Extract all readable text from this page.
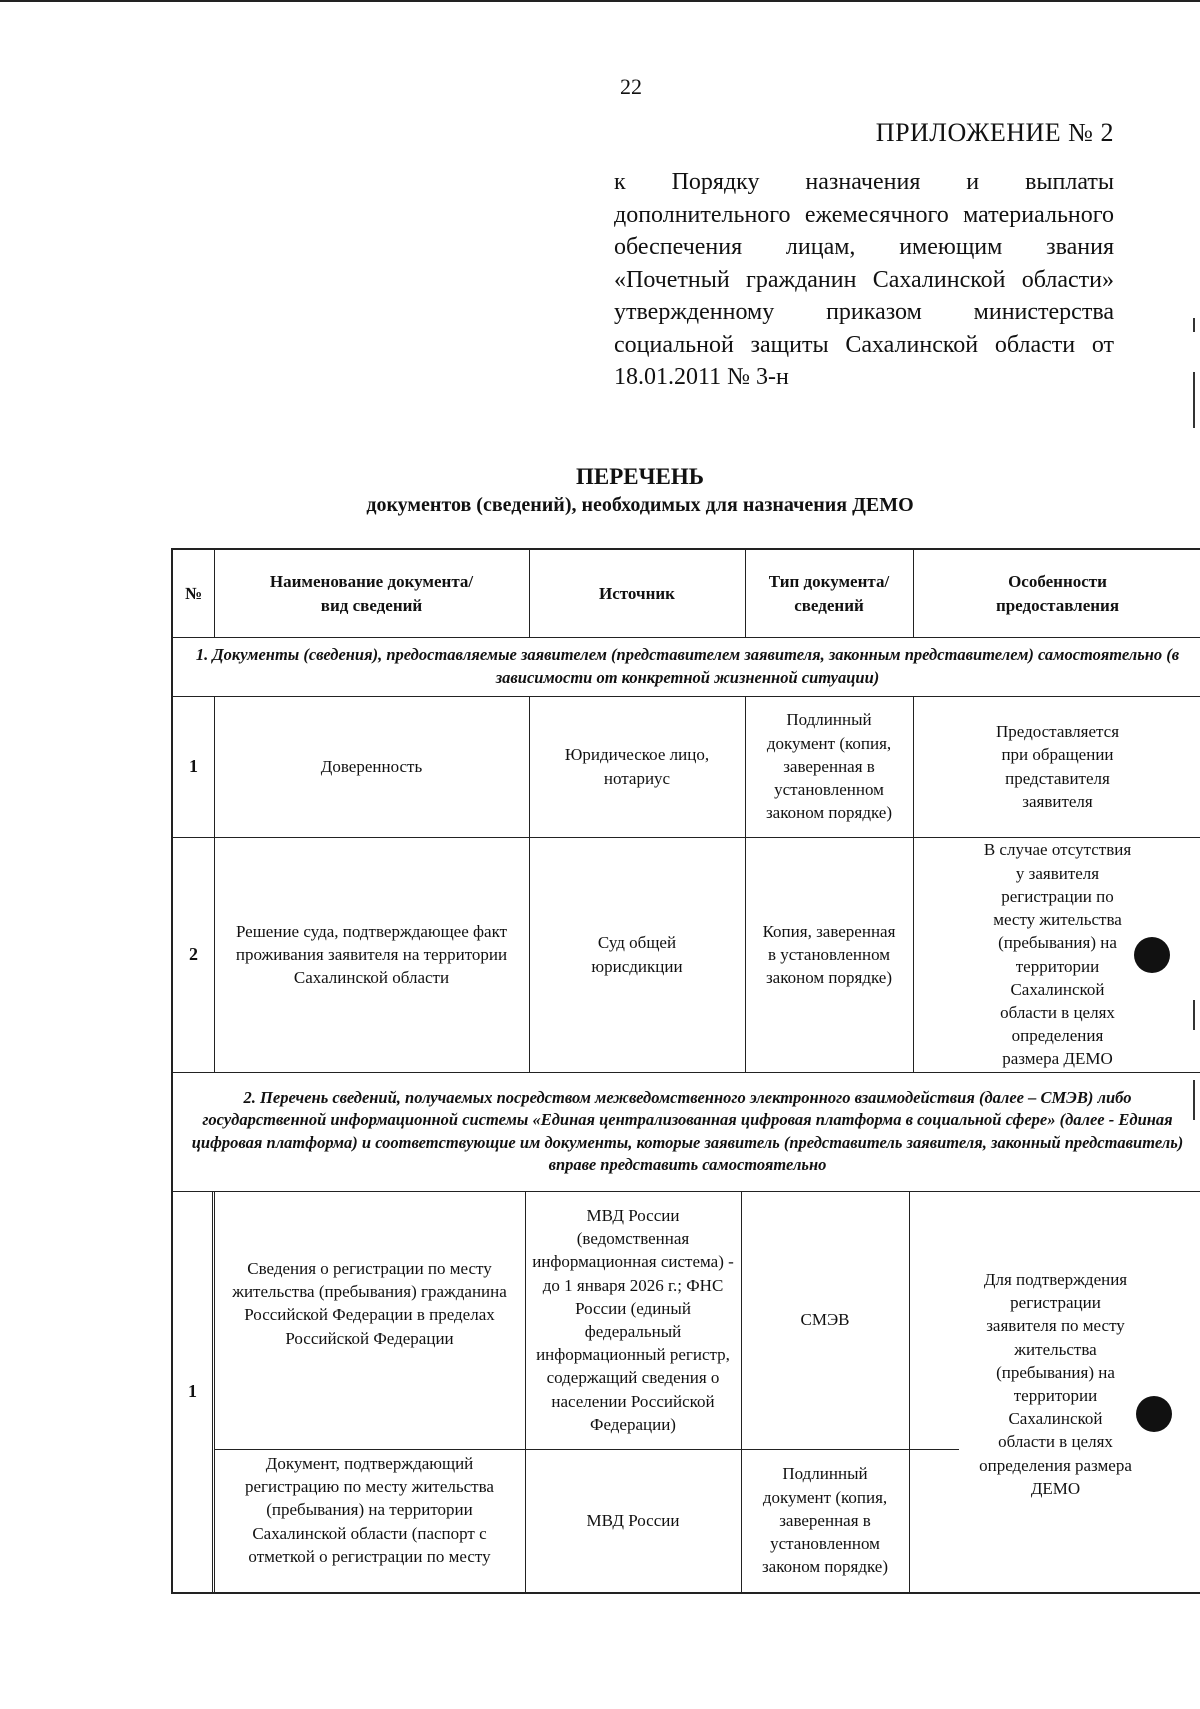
22
ПРИЛОЖЕНИЕ № 2
к Порядку назначения и выплаты дополнительного ежемесячного материального обеспечения лицам, имеющим звания «Почетный гражданин Сахалинской области» утвержденному приказом министерства социальной защиты Сахалинской области от 18.01.2011 № 3-н
ПЕРЕЧЕНЬ
документов (сведений), необходимых для назначения ДЕМО
№
Наименование документа/ вид сведений
Источник
Тип документа/ сведений
Особенности предоставления
1. Документы (сведения), предоставляемые заявителем (представителем заявителя, законным представителем) самостоятельно (в зависимости от конкретной жизненной ситуации)
1	Доверенность
Юридическое лицо, нотариус
Подлинный документ (копия, заверенная в установленном законом порядке)
Предоставляется при обращении представителя заявителя
2
Решение суда, подтверждающее факт проживания заявителя на территории Сахалинской области
Суд общей юрисдикции
Копия, заверенная в установленном законом порядке)
В случае отсутствия у заявителя регистрации по месту жительства (пребывания) на территории Сахалинской области в целях определения размера ДЕМО
2. Перечень сведений, получаемых посредством межведомственного электронного взаимодействия (далее – СМЭВ) либо государственной информационной системы «Единая централизованная цифровая платформа в социальной сфере» (далее - Единая цифровая платформа) и соответствующие им документы, которые заявитель (представитель заявителя, законный представитель) вправе представить самостоятельно
1
Сведения о регистрации по месту жительства (пребывания) гражданина Российской Федерации в пределах Российской Федерации
МВД России (ведомственная информационная система) - до 1 января 2026 г.; ФНС России (единый федеральный информационный регистр, содержащий сведения о населении Российской Федерации)
СМЭВ
Для подтверждения регистрации заявителя по месту жительства (пребывания) на территории Сахалинской области в целях определения размера ДЕМО
Документ, подтверждающий регистрацию по месту жительства (пребывания) на территории Сахалинской области (паспорт с отметкой о регистрации по месту
МВД России
Подлинный документ (копия, заверенная в установленном законом порядке)
